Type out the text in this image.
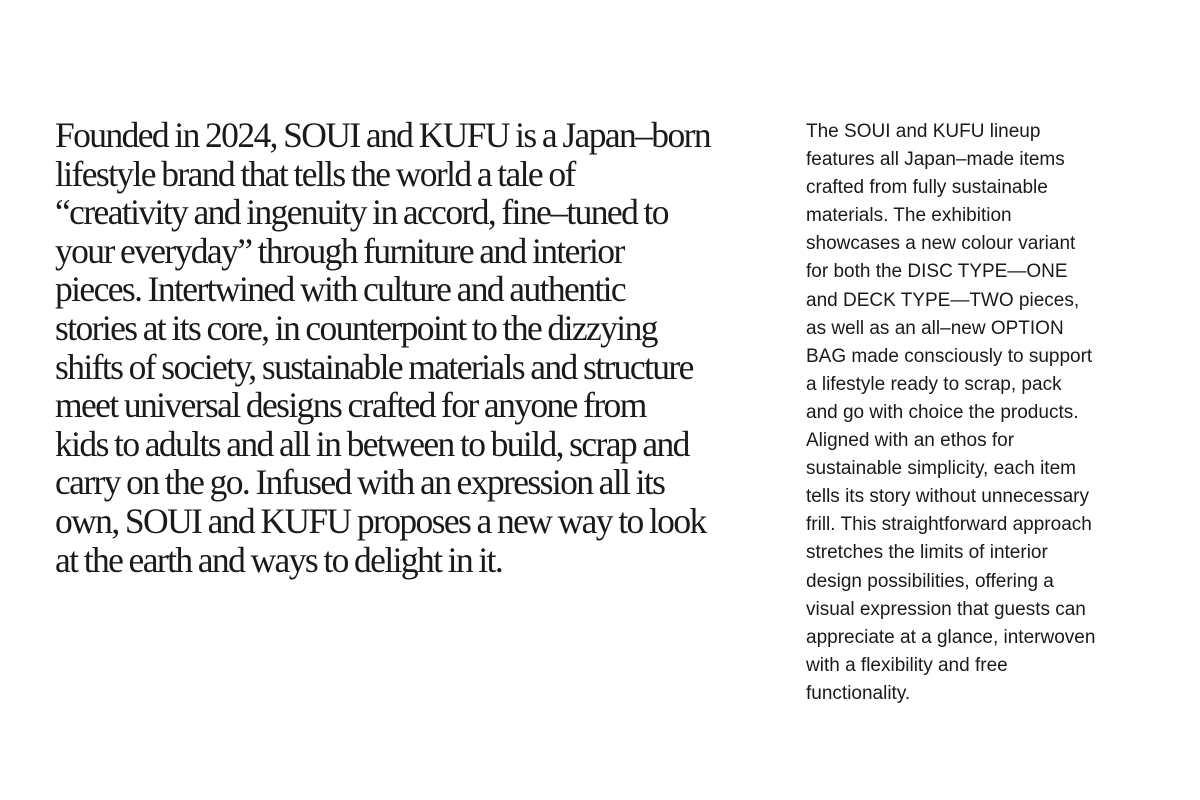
Founded in 2024, SOUI and KUFU is a Japan–born
lifestyle brand that tells the world a tale of
“creativity and ingenuity in accord, fine–tuned to
your everyday” through furniture and interior
pieces. Intertwined with culture and authentic
stories at its core, in counterpoint to the dizzying
shifts of society, sustainable materials and structure
meet universal designs crafted for anyone from
kids to adults and all in between to build, scrap and
carry on the go. Infused with an expression all its
own, SOUI and KUFU proposes a new way to look
at the earth and ways to delight in it.

The SOUI and KUFU lineup
features all Japan–made items
crafted from fully sustainable
materials. The exhibition
showcases a new colour variant
for both the DISC TYPE—ONE
and DECK TYPE—TWO pieces,
as well as an all–new OPTION
BAG made consciously to support
a lifestyle ready to scrap, pack
and go with choice the products.
Aligned with an ethos for
sustainable simplicity, each item
tells its story without unnecessary
frill. This straightforward approach
stretches the limits of interior
design possibilities, offering a
visual expression that guests can
appreciate at a glance, interwoven
with a flexibility and free
functionality.
